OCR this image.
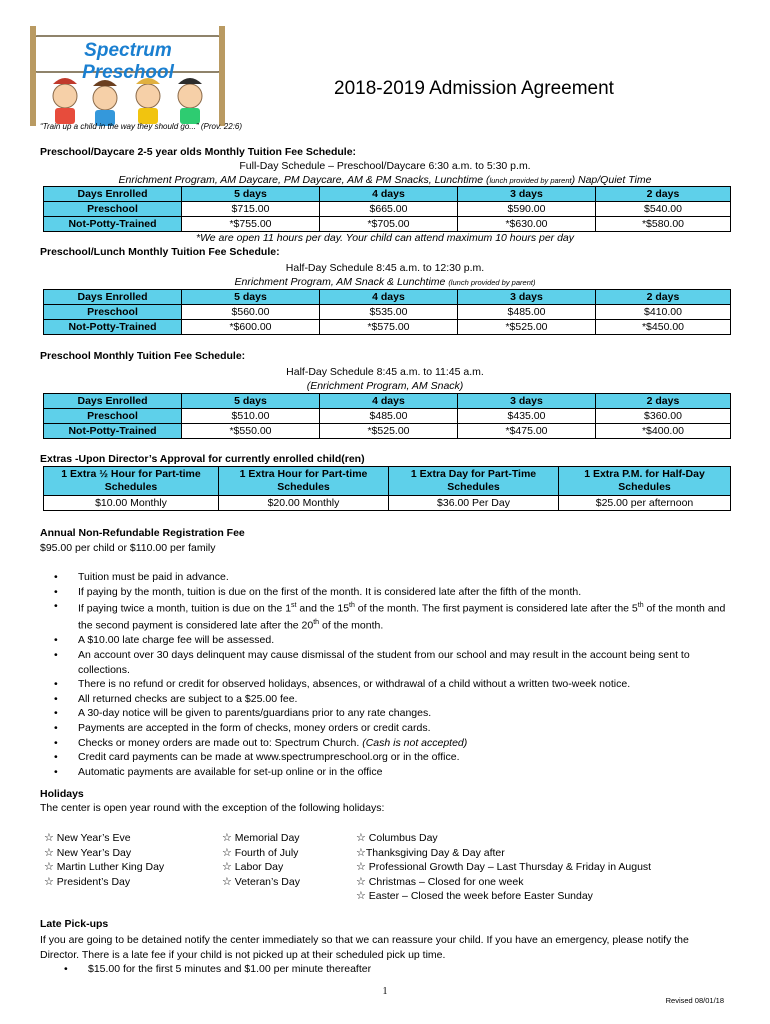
Spectrum Preschool
“Train up a child in the way they should go...” (Prov. 22:6)
2018-2019 Admission Agreement
Preschool/Daycare 2-5 year olds Monthly Tuition Fee Schedule:
Full-Day Schedule – Preschool/Daycare 6:30 a.m. to 5:30 p.m.
Enrichment Program, AM Daycare, PM Daycare, AM & PM Snacks, Lunchtime (lunch provided by parent) Nap/Quiet Time
Days Enrolled	5 days	4 days	3 days	2 days
Preschool	$715.00	$665.00	$590.00	$540.00
Not-Potty-Trained	*$755.00	*$705.00	*$630.00	*$580.00
*We are open 11 hours per day. Your child can attend maximum 10 hours per day
Preschool/Lunch Monthly Tuition Fee Schedule:
Half-Day Schedule 8:45 a.m. to 12:30 p.m.
Enrichment Program, AM Snack & Lunchtime (lunch provided by parent)
Days Enrolled	5 days	4 days	3 days	2 days
Preschool	$560.00	$535.00	$485.00	$410.00
Not-Potty-Trained	*$600.00	*$575.00	*$525.00	*$450.00
Preschool Monthly Tuition Fee Schedule:
Half-Day Schedule 8:45 a.m. to 11:45 a.m.
(Enrichment Program, AM Snack)
Days Enrolled	5 days	4 days	3 days	2 days
Preschool	$510.00	$485.00	$435.00	$360.00
Not-Potty-Trained	*$550.00	*$525.00	*$475.00	*$400.00
Extras -Upon Director’s Approval for currently enrolled child(ren)
1 Extra ½ Hour for Part-time Schedules	1 Extra Hour for Part-time Schedules	1 Extra Day for Part-Time Schedules	1 Extra P.M. for Half-Day Schedules
$10.00 Monthly	$20.00 Monthly	$36.00 Per Day	$25.00 per afternoon
Annual Non-Refundable Registration Fee
$95.00 per child or $110.00 per family
• Tuition must be paid in advance.
• If paying by the month, tuition is due on the first of the month. It is considered late after the fifth of the month.
• If paying twice a month, tuition is due on the 1st and the 15th of the month. The first payment is considered late after the 5th of the month and the second payment is considered late after the 20th of the month.
• A $10.00 late charge fee will be assessed.
• An account over 30 days delinquent may cause dismissal of the student from our school and may result in the account being sent to collections.
• There is no refund or credit for observed holidays, absences, or withdrawal of a child without a written two-week notice.
• All returned checks are subject to a $25.00 fee.
• A 30-day notice will be given to parents/guardians prior to any rate changes.
• Payments are accepted in the form of checks, money orders or credit cards.
• Checks or money orders are made out to: Spectrum Church. (Cash is not accepted)
• Credit card payments can be made at www.spectrumpreschool.org or in the office.
• Automatic payments are available for set-up online or in the office
Holidays
The center is open year round with the exception of the following holidays:
☆ New Year’s Eve
☆ New Year’s Day
☆ Martin Luther King Day
☆ President’s Day
☆ Memorial Day
☆ Fourth of July
☆ Labor Day
☆ Veteran’s Day
☆ Columbus Day
☆Thanksgiving Day & Day after
☆ Professional Growth Day – Last Thursday & Friday in August
☆ Christmas – Closed for one week
☆ Easter – Closed the week before Easter Sunday
Late Pick-ups
If you are going to be detained notify the center immediately so that we can reassure your child. If you have an emergency, please notify the Director. There is a late fee if your child is not picked up at their scheduled pick up time.
• $15.00 for the first 5 minutes and $1.00 per minute thereafter
1
Revised 08/01/18
